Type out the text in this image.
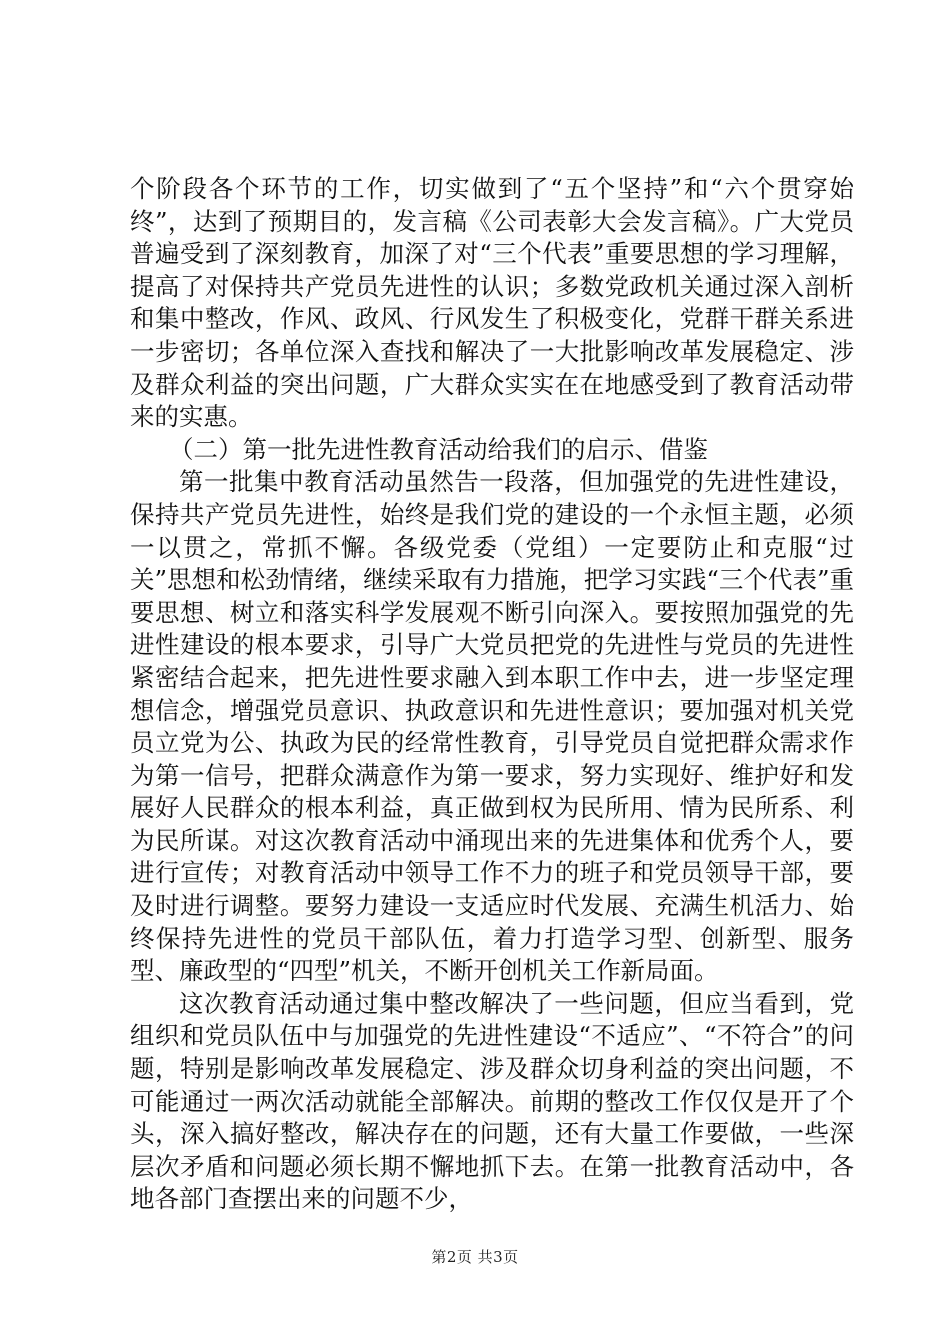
个阶段各个环节的工作，切实做到了“五个坚持”和“六个贯穿始终”，达到了预期目的，发言稿《公司表彰大会发言稿》。广大党员普遍受到了深刻教育，加深了对“三个代表”重要思想的学习理解，提高了对保持共产党员先进性的认识；多数党政机关通过深入剖析和集中整改，作风、政风、行风发生了积极变化，党群干群关系进一步密切；各单位深入查找和解决了一大批影响改革发展稳定、涉及群众利益的突出问题，广大群众实实在在地感受到了教育活动带来的实惠。

（二）第一批先进性教育活动给我们的启示、借鉴

第一批集中教育活动虽然告一段落，但加强党的先进性建设，保持共产党员先进性，始终是我们党的建设的一个永恒主题，必须一以贯之，常抓不懈。各级党委（党组）一定要防止和克服“过关”思想和松劲情绪，继续采取有力措施，把学习实践“三个代表”重要思想、树立和落实科学发展观不断引向深入。要按照加强党的先进性建设的根本要求，引导广大党员把党的先进性与党员的先进性紧密结合起来，把先进性要求融入到本职工作中去，进一步坚定理想信念，增强党员意识、执政意识和先进性意识；要加强对机关党员立党为公、执政为民的经常性教育，引导党员自觉把群众需求作为第一信号，把群众满意作为第一要求，努力实现好、维护好和发展好人民群众的根本利益，真正做到权为民所用、情为民所系、利为民所谋。对这次教育活动中涌现出来的先进集体和优秀个人，要进行宣传；对教育活动中领导工作不力的班子和党员领导干部，要及时进行调整。要努力建设一支适应时代发展、充满生机活力、始终保持先进性的党员干部队伍，着力打造学习型、创新型、服务型、廉政型的“四型”机关，不断开创机关工作新局面。

这次教育活动通过集中整改解决了一些问题，但应当看到，党组织和党员队伍中与加强党的先进性建设“不适应”、“不符合”的问题，特别是影响改革发展稳定、涉及群众切身利益的突出问题，不可能通过一两次活动就能全部解决。前期的整改工作仅仅是开了个头，深入搞好整改，解决存在的问题，还有大量工作要做，一些深层次矛盾和问题必须长期不懈地抓下去。在第一批教育活动中，各地各部门查摆出来的问题不少，

第2页 共3页
